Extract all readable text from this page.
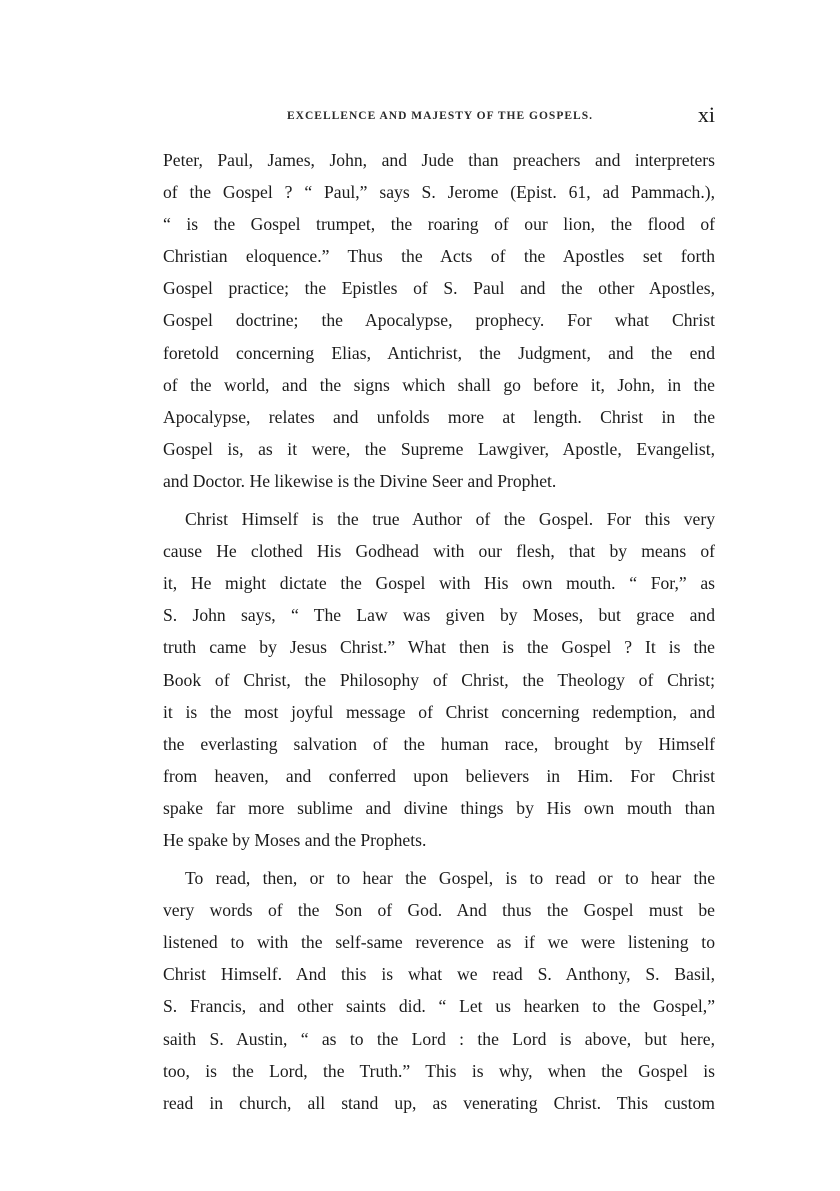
EXCELLENCE AND MAJESTY OF THE GOSPELS.	xi
Peter, Paul, James, John, and Jude than preachers and interpreters
of the Gospel ? “ Paul,” says S. Jerome (Epist. 61, ad Pammach.),
“ is the Gospel trumpet, the roaring of our lion, the flood of
Christian eloquence.” Thus the Acts of the Apostles set forth
Gospel practice; the Epistles of S. Paul and the other Apostles,
Gospel doctrine; the Apocalypse, prophecy. For what Christ
foretold concerning Elias, Antichrist, the Judgment, and the end
of the world, and the signs which shall go before it, John, in the
Apocalypse, relates and unfolds more at length. Christ in the
Gospel is, as it were, the Supreme Lawgiver, Apostle, Evangelist,
and Doctor. He likewise is the Divine Seer and Prophet.
Christ Himself is the true Author of the Gospel. For this very
cause He clothed His Godhead with our flesh, that by means of
it, He might dictate the Gospel with His own mouth. “ For,” as
S. John says, “ The Law was given by Moses, but grace and
truth came by Jesus Christ.” What then is the Gospel ? It is the
Book of Christ, the Philosophy of Christ, the Theology of Christ;
it is the most joyful message of Christ concerning redemption, and
the everlasting salvation of the human race, brought by Himself
from heaven, and conferred upon believers in Him. For Christ
spake far more sublime and divine things by His own mouth than
He spake by Moses and the Prophets.
To read, then, or to hear the Gospel, is to read or to hear the
very words of the Son of God. And thus the Gospel must be
listened to with the self-same reverence as if we were listening to
Christ Himself. And this is what we read S. Anthony, S. Basil,
S. Francis, and other saints did. “ Let us hearken to the Gospel,”
saith S. Austin, “ as to the Lord : the Lord is above, but here,
too, is the Lord, the Truth.” This is why, when the Gospel is
read in church, all stand up, as venerating Christ. This custom
